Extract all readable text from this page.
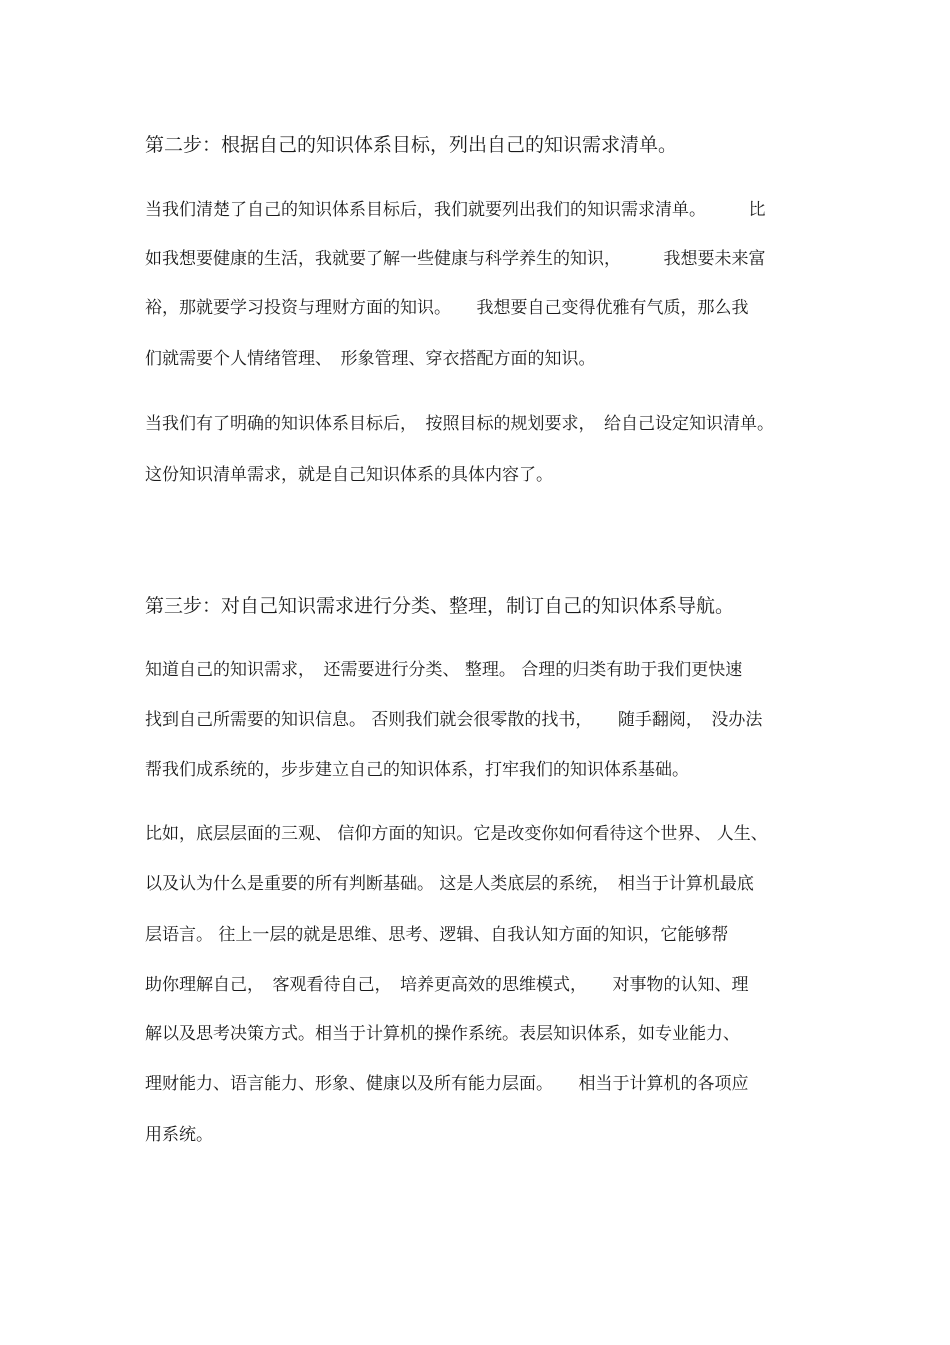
第二步：根据自己的知识体系目标，列出自己的知识需求清单。

当我们清楚了自己的知识体系目标后，我们就要列出我们的知识需求清单。　　　比

如我想要健康的生活，我就要了解一些健康与科学养生的知识，　　　我想要未来富

裕，那就要学习投资与理财方面的知识。　　我想要自己变得优雅有气质，那么我

们就需要个人情绪管理、　形象管理、穿衣搭配方面的知识。

当我们有了明确的知识体系目标后，　按照目标的规划要求，　给自己设定知识清单。

这份知识清单需求，就是自己知识体系的具体内容了。

第三步：对自己知识需求进行分类、整理，制订自己的知识体系导航。

知道自己的知识需求，　还需要进行分类、 整理。 合理的归类有助于我们更快速

找到自己所需要的知识信息。 否则我们就会很零散的找书，　　随手翻阅，　没办法

帮我们成系统的，步步建立自己的知识体系，打牢我们的知识体系基础。

比如，底层层面的三观、 信仰方面的知识。它是改变你如何看待这个世界、 人生、

以及认为什么是重要的所有判断基础。 这是人类底层的系统，　相当于计算机最底

层语言。 往上一层的就是思维、思考、逻辑、自我认知方面的知识，它能够帮

助你理解自己，　客观看待自己，　培养更高效的思维模式，　　对事物的认知、理

解以及思考决策方式。相当于计算机的操作系统。表层知识体系，如专业能力、

理财能力、语言能力、形象、健康以及所有能力层面。　　相当于计算机的各项应

用系统。
